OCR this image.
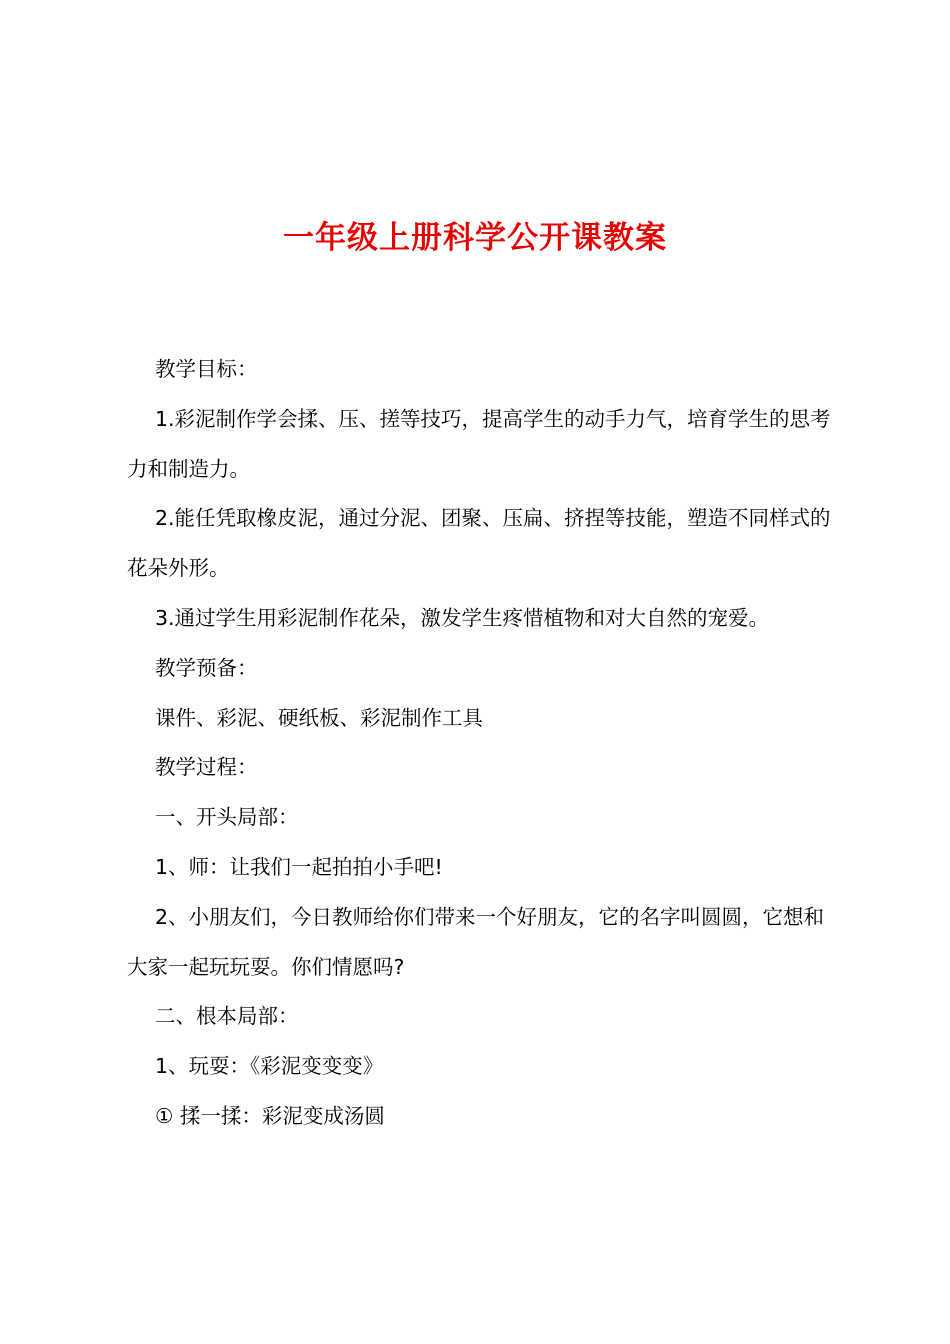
一年级上册科学公开课教案

教学目标：

1.彩泥制作学会揉、压、搓等技巧，提高学生的动手力气，培育学生的思考力和制造力。

2.能任凭取橡皮泥，通过分泥、团聚、压扁、挤捏等技能，塑造不同样式的花朵外形。

3.通过学生用彩泥制作花朵，激发学生疼惜植物和对大自然的宠爱。

教学预备：

课件、彩泥、硬纸板、彩泥制作工具

教学过程：

一、开头局部：

1、师：让我们一起拍拍小手吧!

2、小朋友们，今日教师给你们带来一个好朋友，它的名字叫圆圆，它想和大家一起玩玩耍。你们情愿吗?

二、根本局部：

1、玩耍：《彩泥变变变》

① 揉一揉：彩泥变成汤圆
